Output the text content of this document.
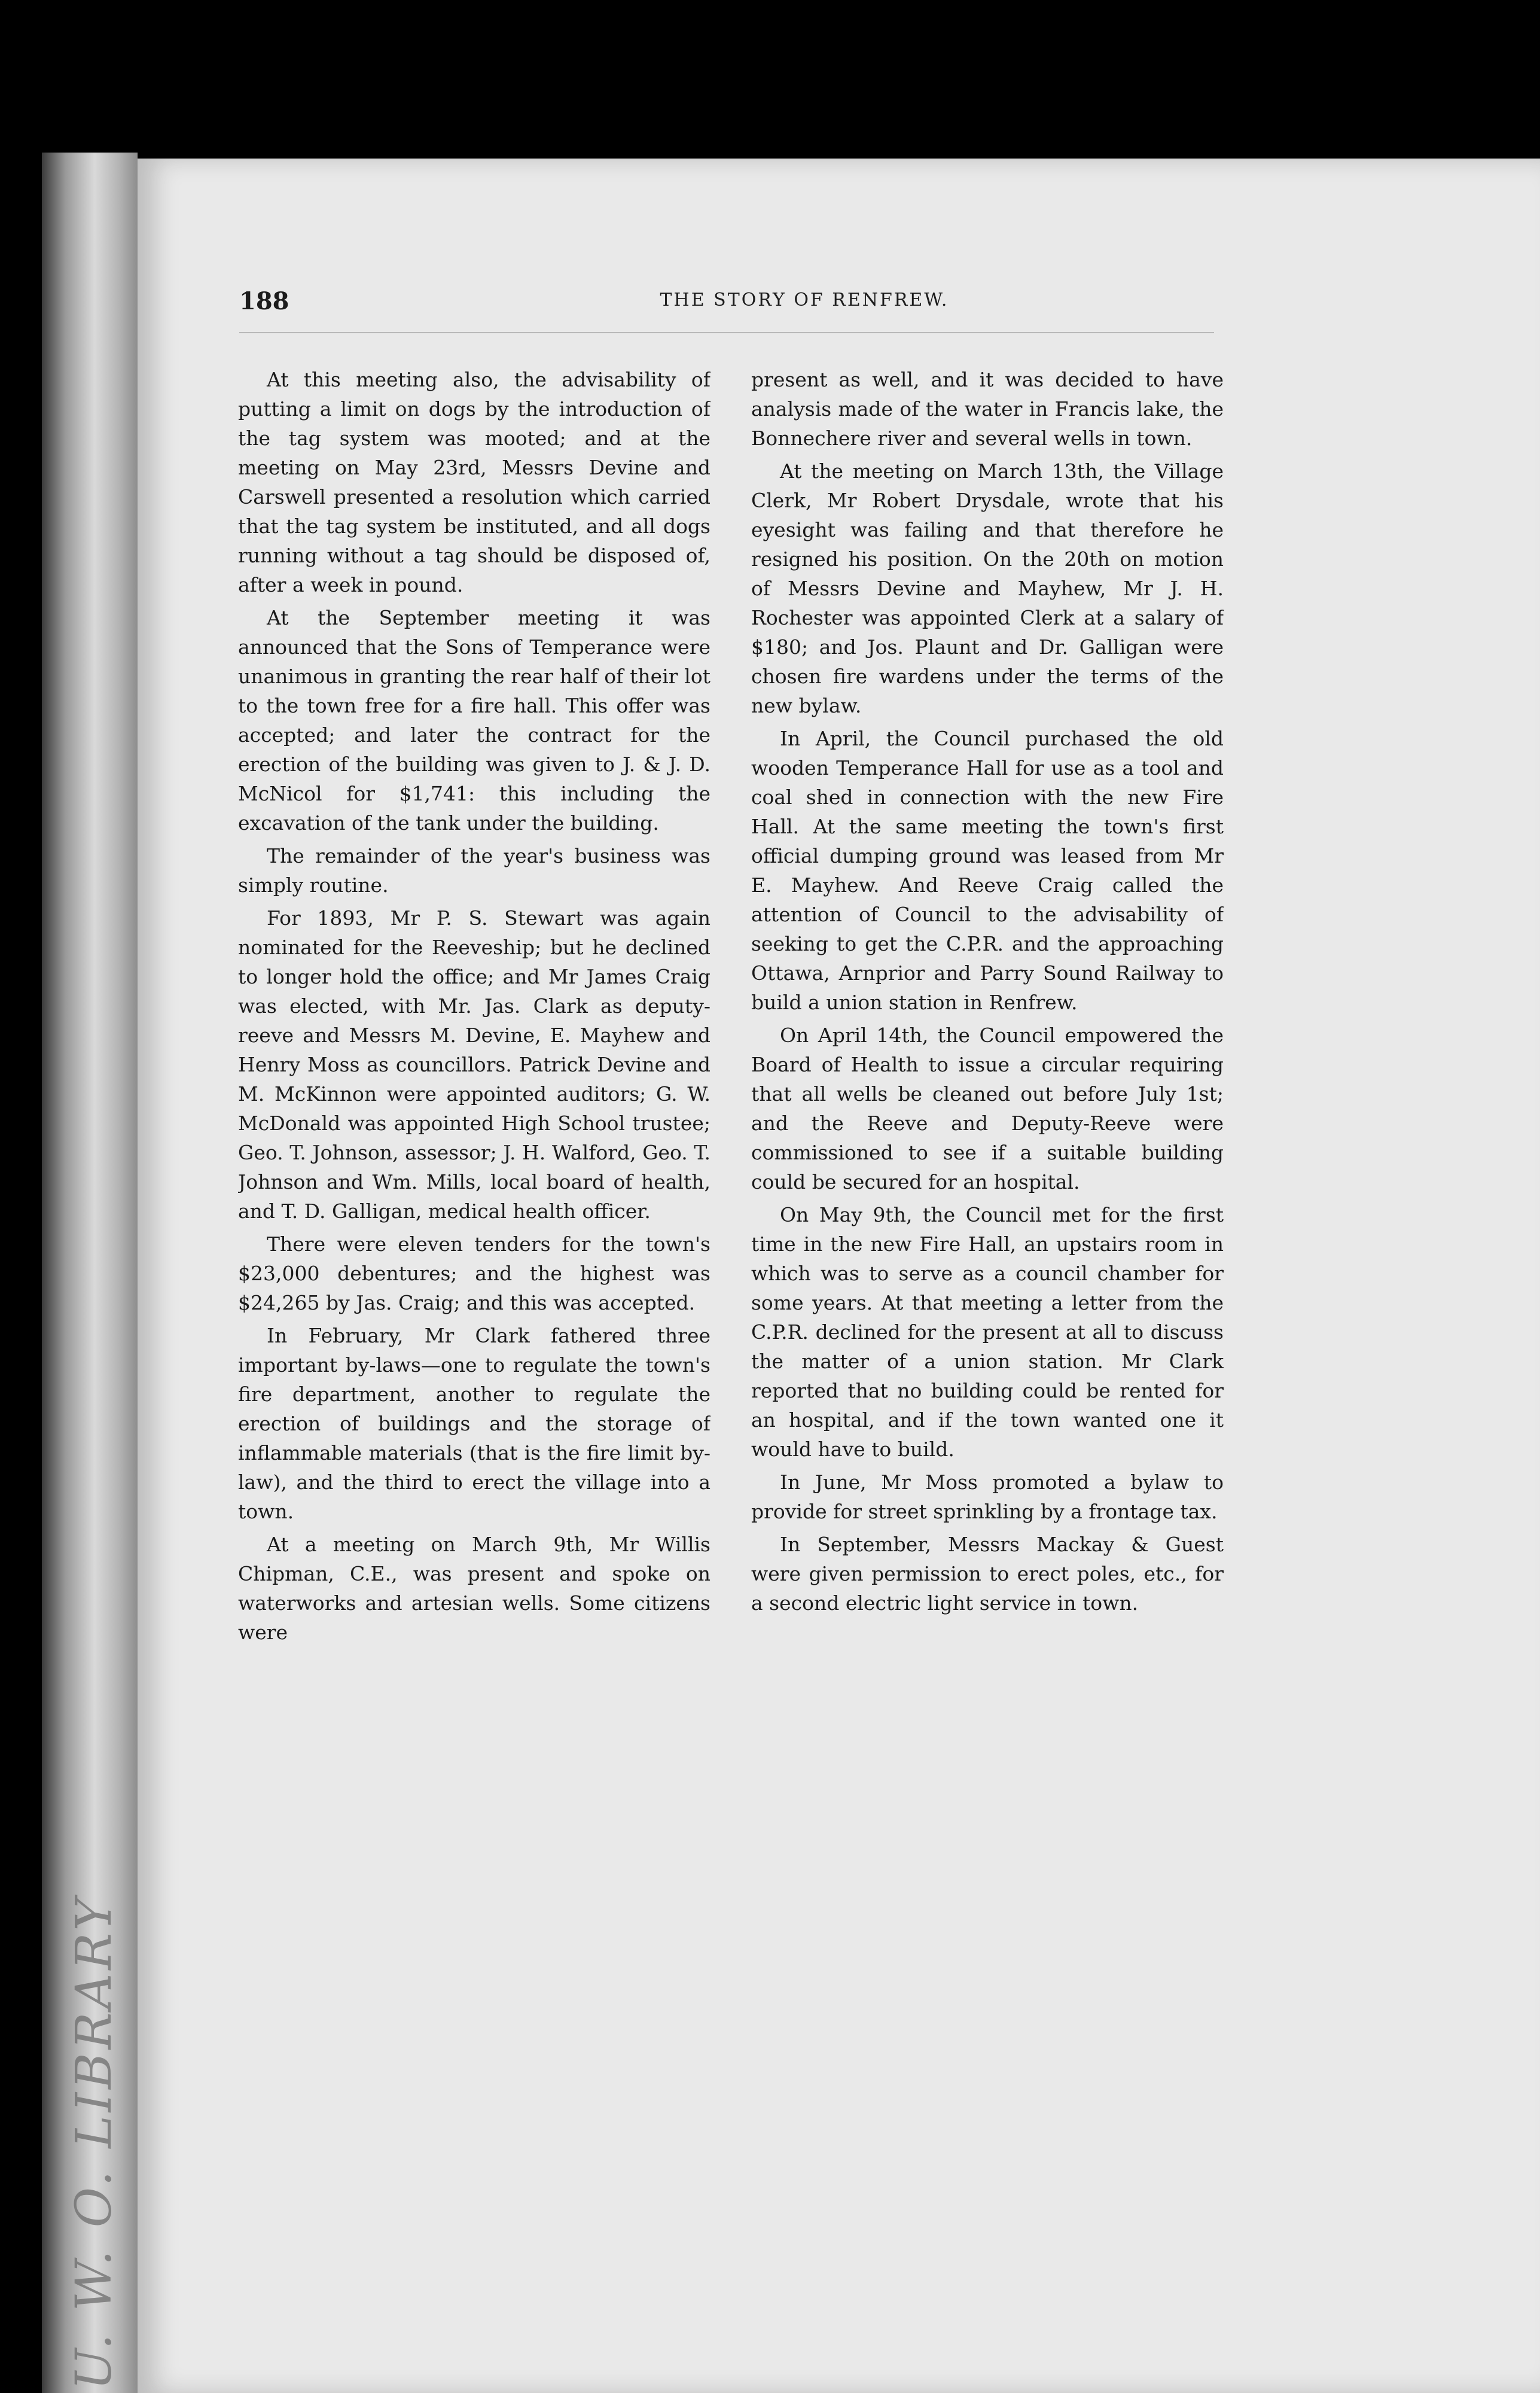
U. W. O. LIBRARY
188	THE STORY OF RENFREW.

At this meeting also, the advisability of putting a limit on dogs by the introduction of the tag system was mooted; and at the meeting on May 23rd, Messrs Devine and Carswell presented a resolution which carried that the tag system be instituted, and all dogs running without a tag should be disposed of, after a week in pound.

At the September meeting it was announced that the Sons of Temperance were unanimous in granting the rear half of their lot to the town free for a fire hall. This offer was accepted; and later the contract for the erection of the building was given to J. & J. D. McNicol for $1,741: this including the excavation of the tank under the building.

The remainder of the year's business was simply routine.

For 1893, Mr P. S. Stewart was again nominated for the Reeveship; but he declined to longer hold the office; and Mr James Craig was elected, with Mr. Jas. Clark as deputy-reeve and Messrs M. Devine, E. Mayhew and Henry Moss as councillors. Patrick Devine and M. McKinnon were appointed auditors; G. W. McDonald was appointed High School trustee; Geo. T. Johnson, assessor; J. H. Walford, Geo. T. Johnson and Wm. Mills, local board of health, and T. D. Galligan, medical health officer.

There were eleven tenders for the town's $23,000 debentures; and the highest was $24,265 by Jas. Craig; and this was accepted.

In February, Mr Clark fathered three important by-laws—one to regulate the town's fire department, another to regulate the erection of buildings and the storage of inflammable materials (that is the fire limit by-law), and the third to erect the village into a town.

At a meeting on March 9th, Mr Willis Chipman, C.E., was present and spoke on waterworks and artesian wells. Some citizens were

present as well, and it was decided to have analysis made of the water in Francis lake, the Bonnechere river and several wells in town.

At the meeting on March 13th, the Village Clerk, Mr Robert Drysdale, wrote that his eyesight was failing and that therefore he resigned his position. On the 20th on motion of Messrs Devine and Mayhew, Mr J. H. Rochester was appointed Clerk at a salary of $180; and Jos. Plaunt and Dr. Galligan were chosen fire wardens under the terms of the new bylaw.

In April, the Council purchased the old wooden Temperance Hall for use as a tool and coal shed in connection with the new Fire Hall. At the same meeting the town's first official dumping ground was leased from Mr E. Mayhew. And Reeve Craig called the attention of Council to the advisability of seeking to get the C.P.R. and the approaching Ottawa, Arnprior and Parry Sound Railway to build a union station in Renfrew.

On April 14th, the Council empowered the Board of Health to issue a circular requiring that all wells be cleaned out before July 1st; and the Reeve and Deputy-Reeve were commissioned to see if a suitable building could be secured for an hospital.

On May 9th, the Council met for the first time in the new Fire Hall, an upstairs room in which was to serve as a council chamber for some years. At that meeting a letter from the C.P.R. declined for the present at all to discuss the matter of a union station. Mr Clark reported that no building could be rented for an hospital, and if the town wanted one it would have to build.

In June, Mr Moss promoted a bylaw to provide for street sprinkling by a frontage tax.

In September, Messrs Mackay & Guest were given permission to erect poles, etc., for a second electric light service in town.
